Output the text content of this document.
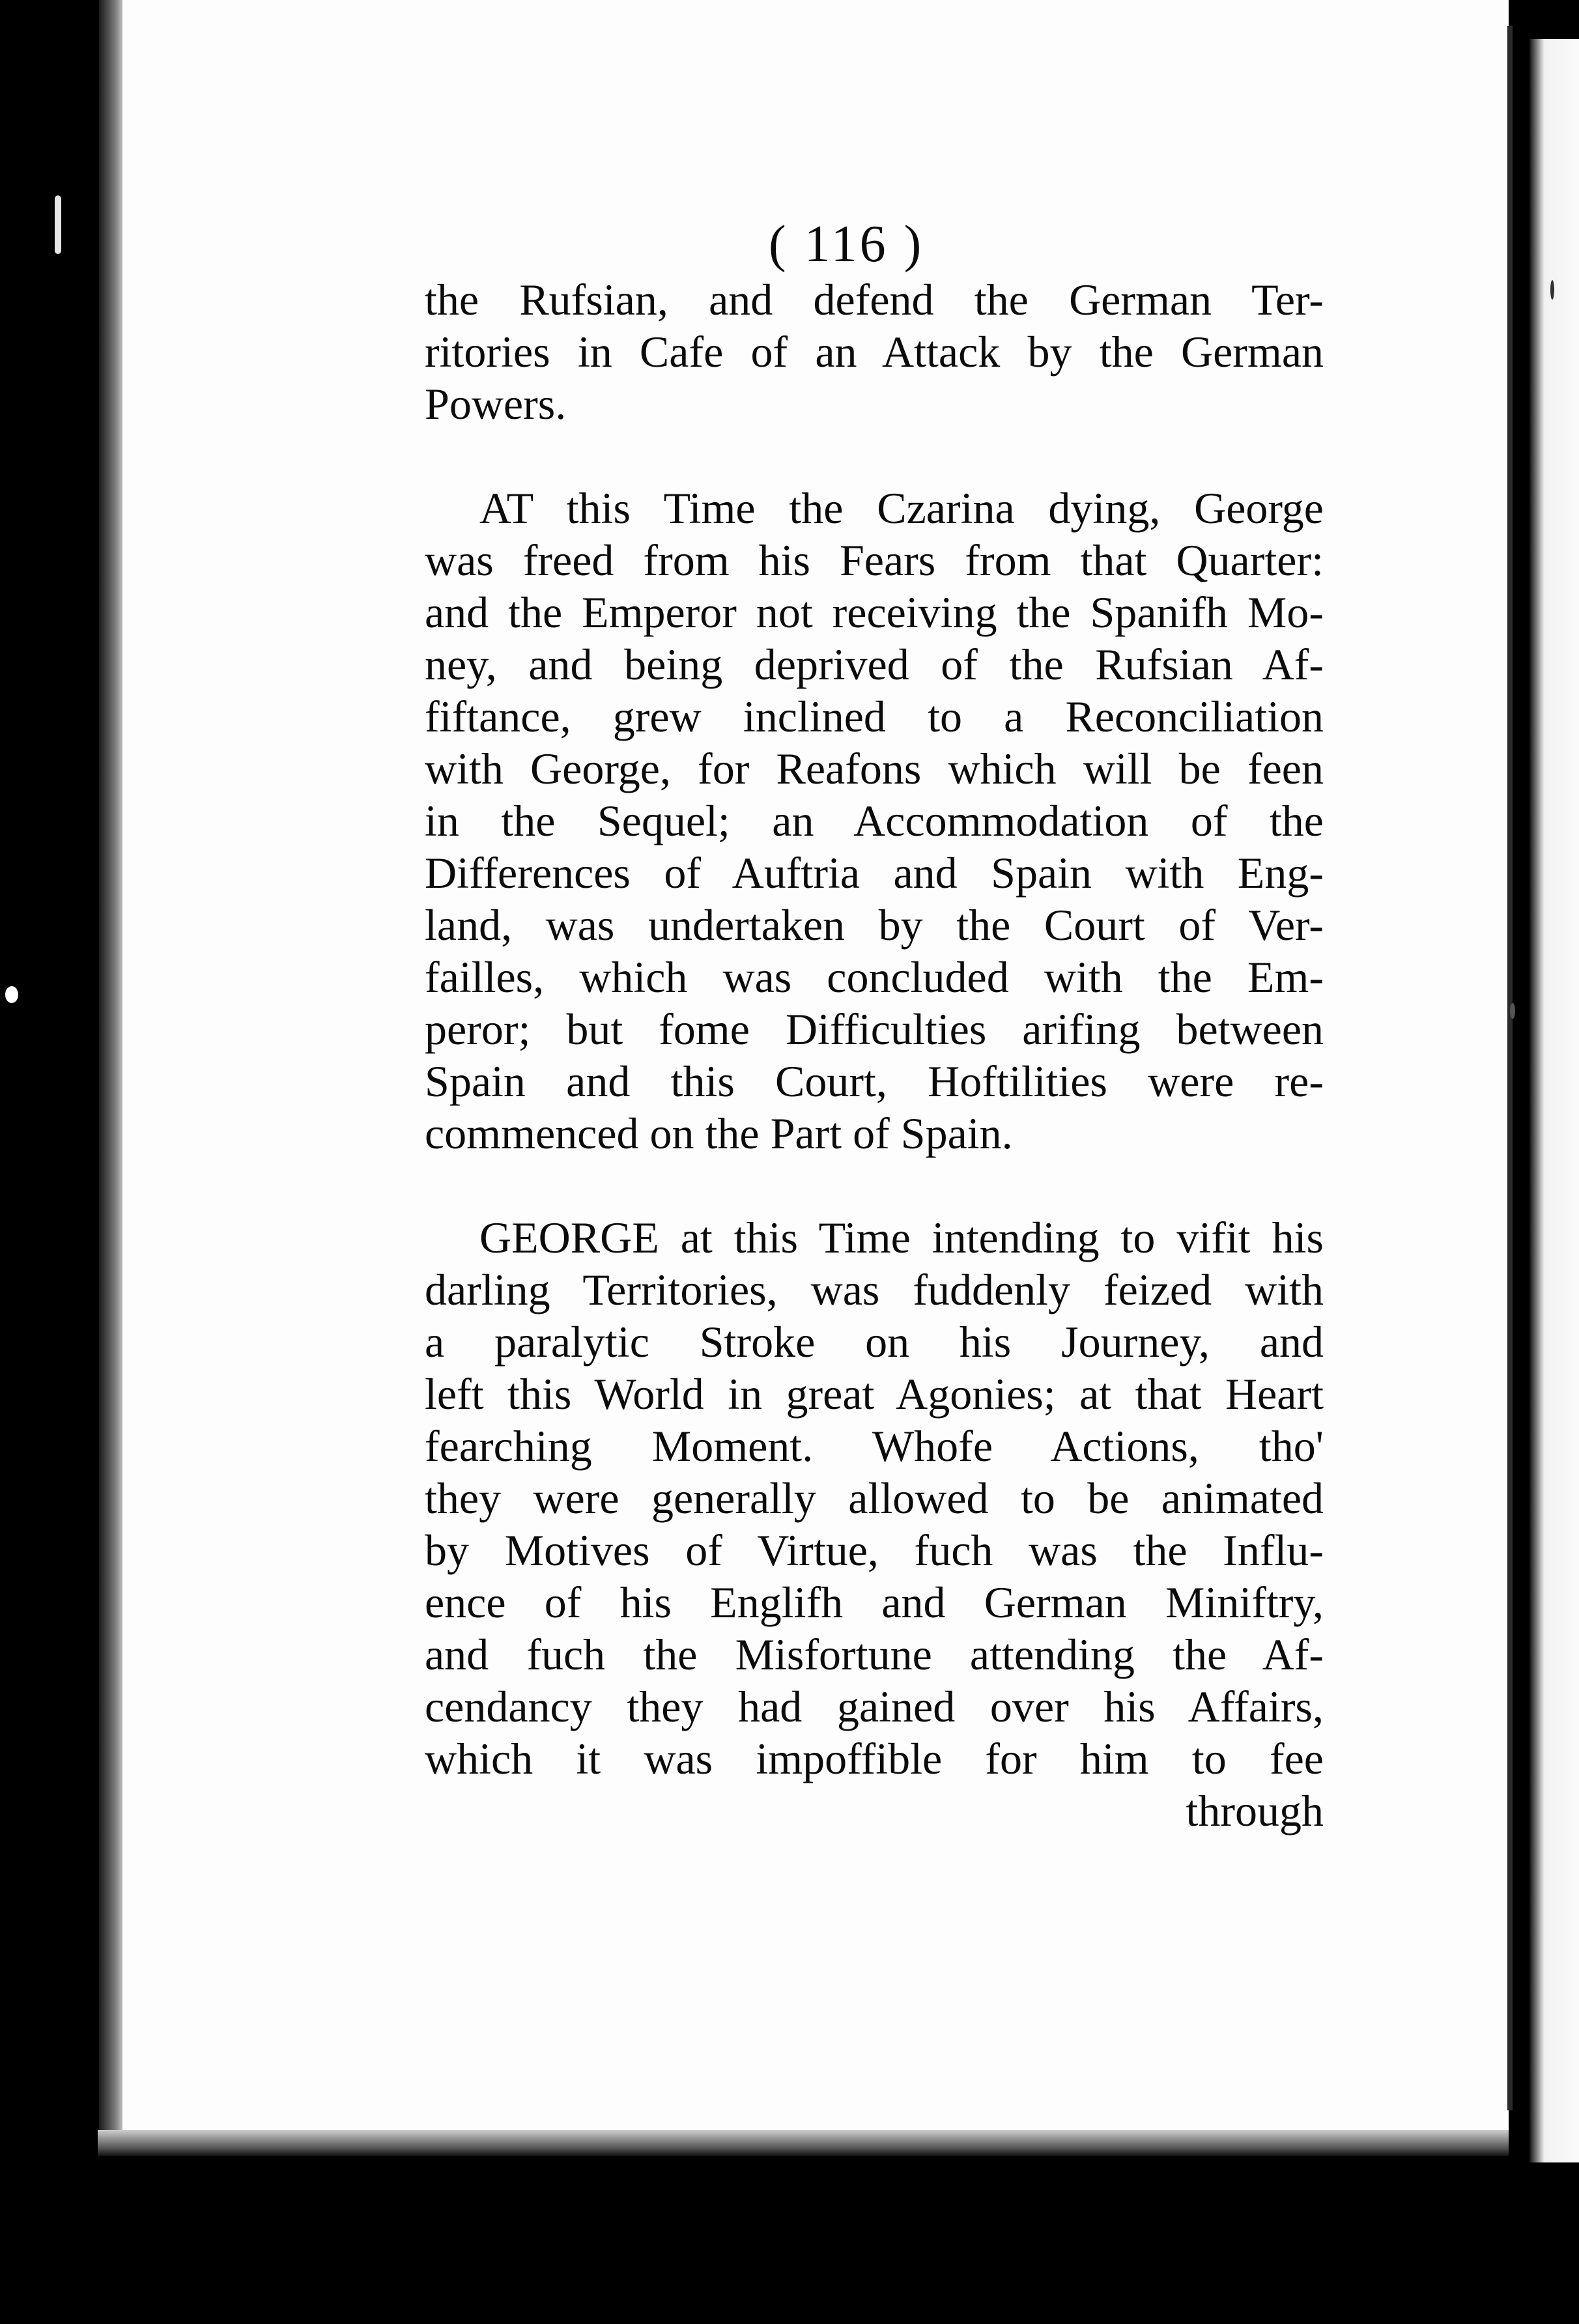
( 116 )
the Rufsian, and defend the German Ter-
ritories in Cafe of an Attack by the German
Powers.
AT this Time the Czarina dying, George
was freed from his Fears from that Quarter:
and the Emperor not receiving the Spanifh Mo-
ney, and being deprived of the Rufsian Af-
fiftance, grew inclined to a Reconciliation
with George, for Reafons which will be feen
in the Sequel; an Accommodation of the
Differences of Auftria and Spain with Eng-
land, was undertaken by the Court of Ver-
failles, which was concluded with the Em-
peror; but fome Difficulties arifing between
Spain and this Court, Hoftilities were re-
commenced on the Part of Spain.
GEORGE at this Time intending to vifit his
darling Territories, was fuddenly feized with
a paralytic Stroke on his Journey, and
left this World in great Agonies; at that Heart
fearching Moment. Whofe Actions, tho'
they were generally allowed to be animated
by Motives of Virtue, fuch was the Influ-
ence of his Englifh and German Miniftry,
and fuch the Misfortune attending the Af-
cendancy they had gained over his Affairs,
which it was impoffible for him to fee
through
